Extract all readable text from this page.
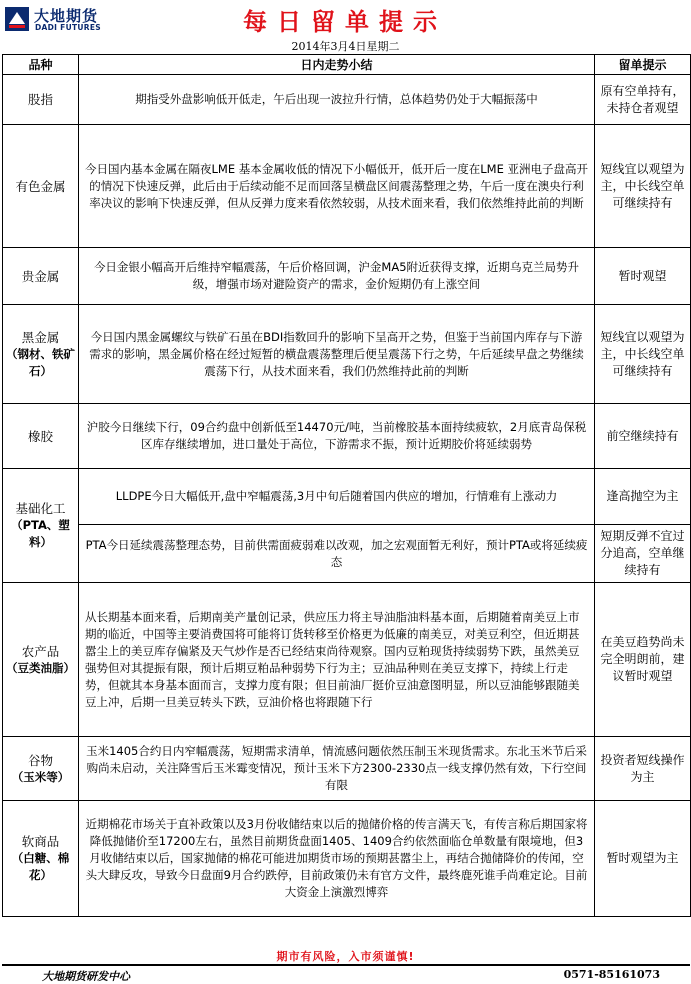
大地期货
DADI FUTURES	每日留单提示
2014年3月4日星期二
品种	日内走势小结	留单提示
股指	期指受外盘影响低开低走，午后出现一波拉升行情，总体趋势仍处于大幅振荡中	原有空单持有，未持仓者观望
有色金属	今日国内基本金属在隔夜LME 基本金属收低的情况下小幅低开，低开后一度在LME 亚洲电子盘高开的情况下快速反弹，此后由于后续动能不足而回落呈横盘区间震荡整理之势，午后一度在澳央行利率决议的影响下快速反弹，但从反弹力度来看依然较弱，从技术面来看，我们依然维持此前的判断	短线宜以观望为主，中长线空单可继续持有
贵金属	今日金银小幅高开后维持窄幅震荡，午后价格回调，沪金MA5附近获得支撑，近期乌克兰局势升级，增强市场对避险资产的需求，金价短期仍有上涨空间	暂时观望
黑金属
（钢材、铁矿石）	今日国内黑金属螺纹与铁矿石虽在BDI指数回升的影响下呈高开之势，但鉴于当前国内库存与下游需求的影响，黑金属价格在经过短暂的横盘震荡整理后便呈震荡下行之势，午后延续早盘之势继续震荡下行，从技术面来看，我们仍然维持此前的判断	短线宜以观望为主，中长线空单可继续持有
橡胶	沪胶今日继续下行，09合约盘中创新低至14470元/吨，当前橡胶基本面持续疲软，2月底青岛保税区库存继续增加，进口量处于高位，下游需求不振，预计近期胶价将延续弱势	前空继续持有
基础化工
（PTA、塑料）	LLDPE今日大幅低开,盘中窄幅震荡,3月中旬后随着国内供应的增加，行情难有上涨动力	逢高抛空为主
	PTA今日延续震荡整理态势，目前供需面疲弱难以改观，加之宏观面暂无利好，预计PTA或将延续疲态	短期反弹不宜过分追高，空单继续持有
农产品
（豆类油脂）	从长期基本面来看，后期南美产量创记录，供应压力将主导油脂油料基本面，后期随着南美豆上市期的临近，中国等主要消费国将可能将订货转移至价格更为低廉的南美豆，对美豆利空，但近期甚嚣尘上的美豆库存偏紧及天气炒作是否已经结束尚待观察。国内豆粕现货持续弱势下跌，虽然美豆强势但对其提振有限，预计后期豆粕品种弱势下行为主；豆油品种则在美豆支撑下，持续上行走势，但就其本身基本面而言，支撑力度有限；但目前油厂挺价豆油意图明显，所以豆油能够跟随美豆上冲，后期一旦美豆转头下跌，豆油价格也将跟随下行	在美豆趋势尚未完全明朗前，建议暂时观望
谷物
（玉米等）	玉米1405合约日内窄幅震荡，短期需求清单，情流感问题依然压制玉米现货需求。东北玉米节后采购尚未启动，关注降雪后玉米霉变情况，预计玉米下方2300-2330点一线支撑仍然有效，下行空间有限	投资者短线操作为主
软商品
（白糖、棉花）	近期棉花市场关于直补政策以及3月份收储结束以后的抛储价格的传言满天飞，有传言称后期国家将降低抛储价至17200左右，虽然目前期货盘面1405、1409合约依然面临仓单数量有限境地，但3月收储结束以后，国家抛储的棉花可能进加期货市场的预期甚嚣尘上，再结合抛储降价的传闻，空头大肆反攻，导致今日盘面9月合约跌停，目前政策仍未有官方文件，最终鹿死谁手尚难定论。目前大资金上演激烈博弈	暂时观望为主
期市有风险，入市须谨慎!
大地期货研发中心	0571-85161073
